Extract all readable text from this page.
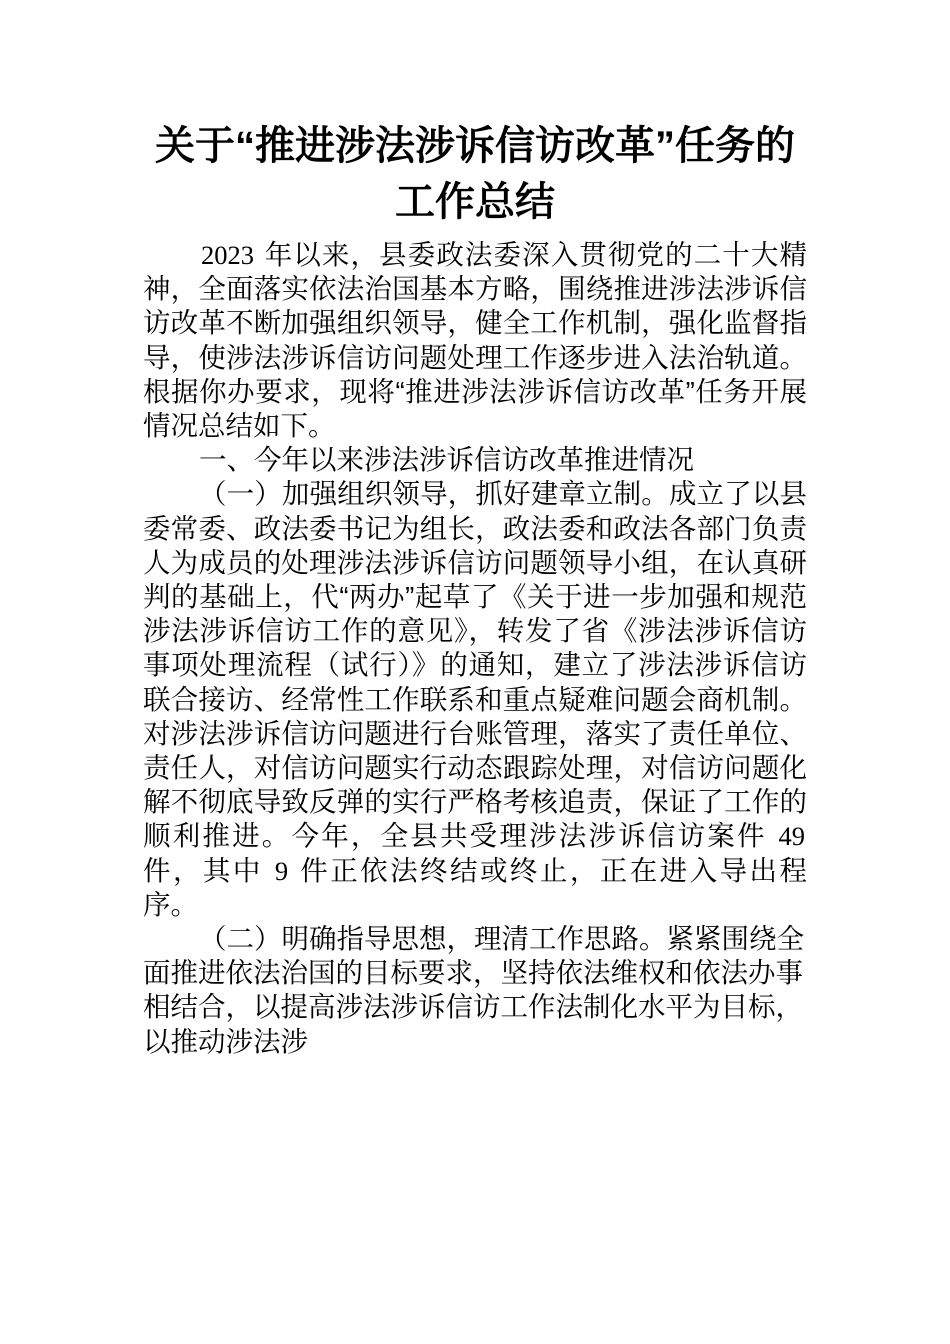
关于“推进涉法涉诉信访改革”任务的工作总结

2023 年以来，县委政法委深入贯彻党的二十大精神，全面落实依法治国基本方略，围绕推进涉法涉诉信访改革不断加强组织领导，健全工作机制，强化监督指导，使涉法涉诉信访问题处理工作逐步进入法治轨道。根据你办要求，现将“推进涉法涉诉信访改革”任务开展情况总结如下。

一、今年以来涉法涉诉信访改革推进情况

（一）加强组织领导，抓好建章立制。成立了以县委常委、政法委书记为组长，政法委和政法各部门负责人为成员的处理涉法涉诉信访问题领导小组，在认真研判的基础上，代“两办”起草了《关于进一步加强和规范涉法涉诉信访工作的意见》，转发了省《涉法涉诉信访事项处理流程（试行）》的通知，建立了涉法涉诉信访联合接访、经常性工作联系和重点疑难问题会商机制。对涉法涉诉信访问题进行台账管理，落实了责任单位、责任人，对信访问题实行动态跟踪处理，对信访问题化解不彻底导致反弹的实行严格考核追责，保证了工作的顺利推进。今年，全县共受理涉法涉诉信访案件 49 件，其中 9 件正依法终结或终止，正在进入导出程序。

（二）明确指导思想，理清工作思路。紧紧围绕全面推进依法治国的目标要求，坚持依法维权和依法办事相结合，以提高涉法涉诉信访工作法制化水平为目标，以推动涉法涉
